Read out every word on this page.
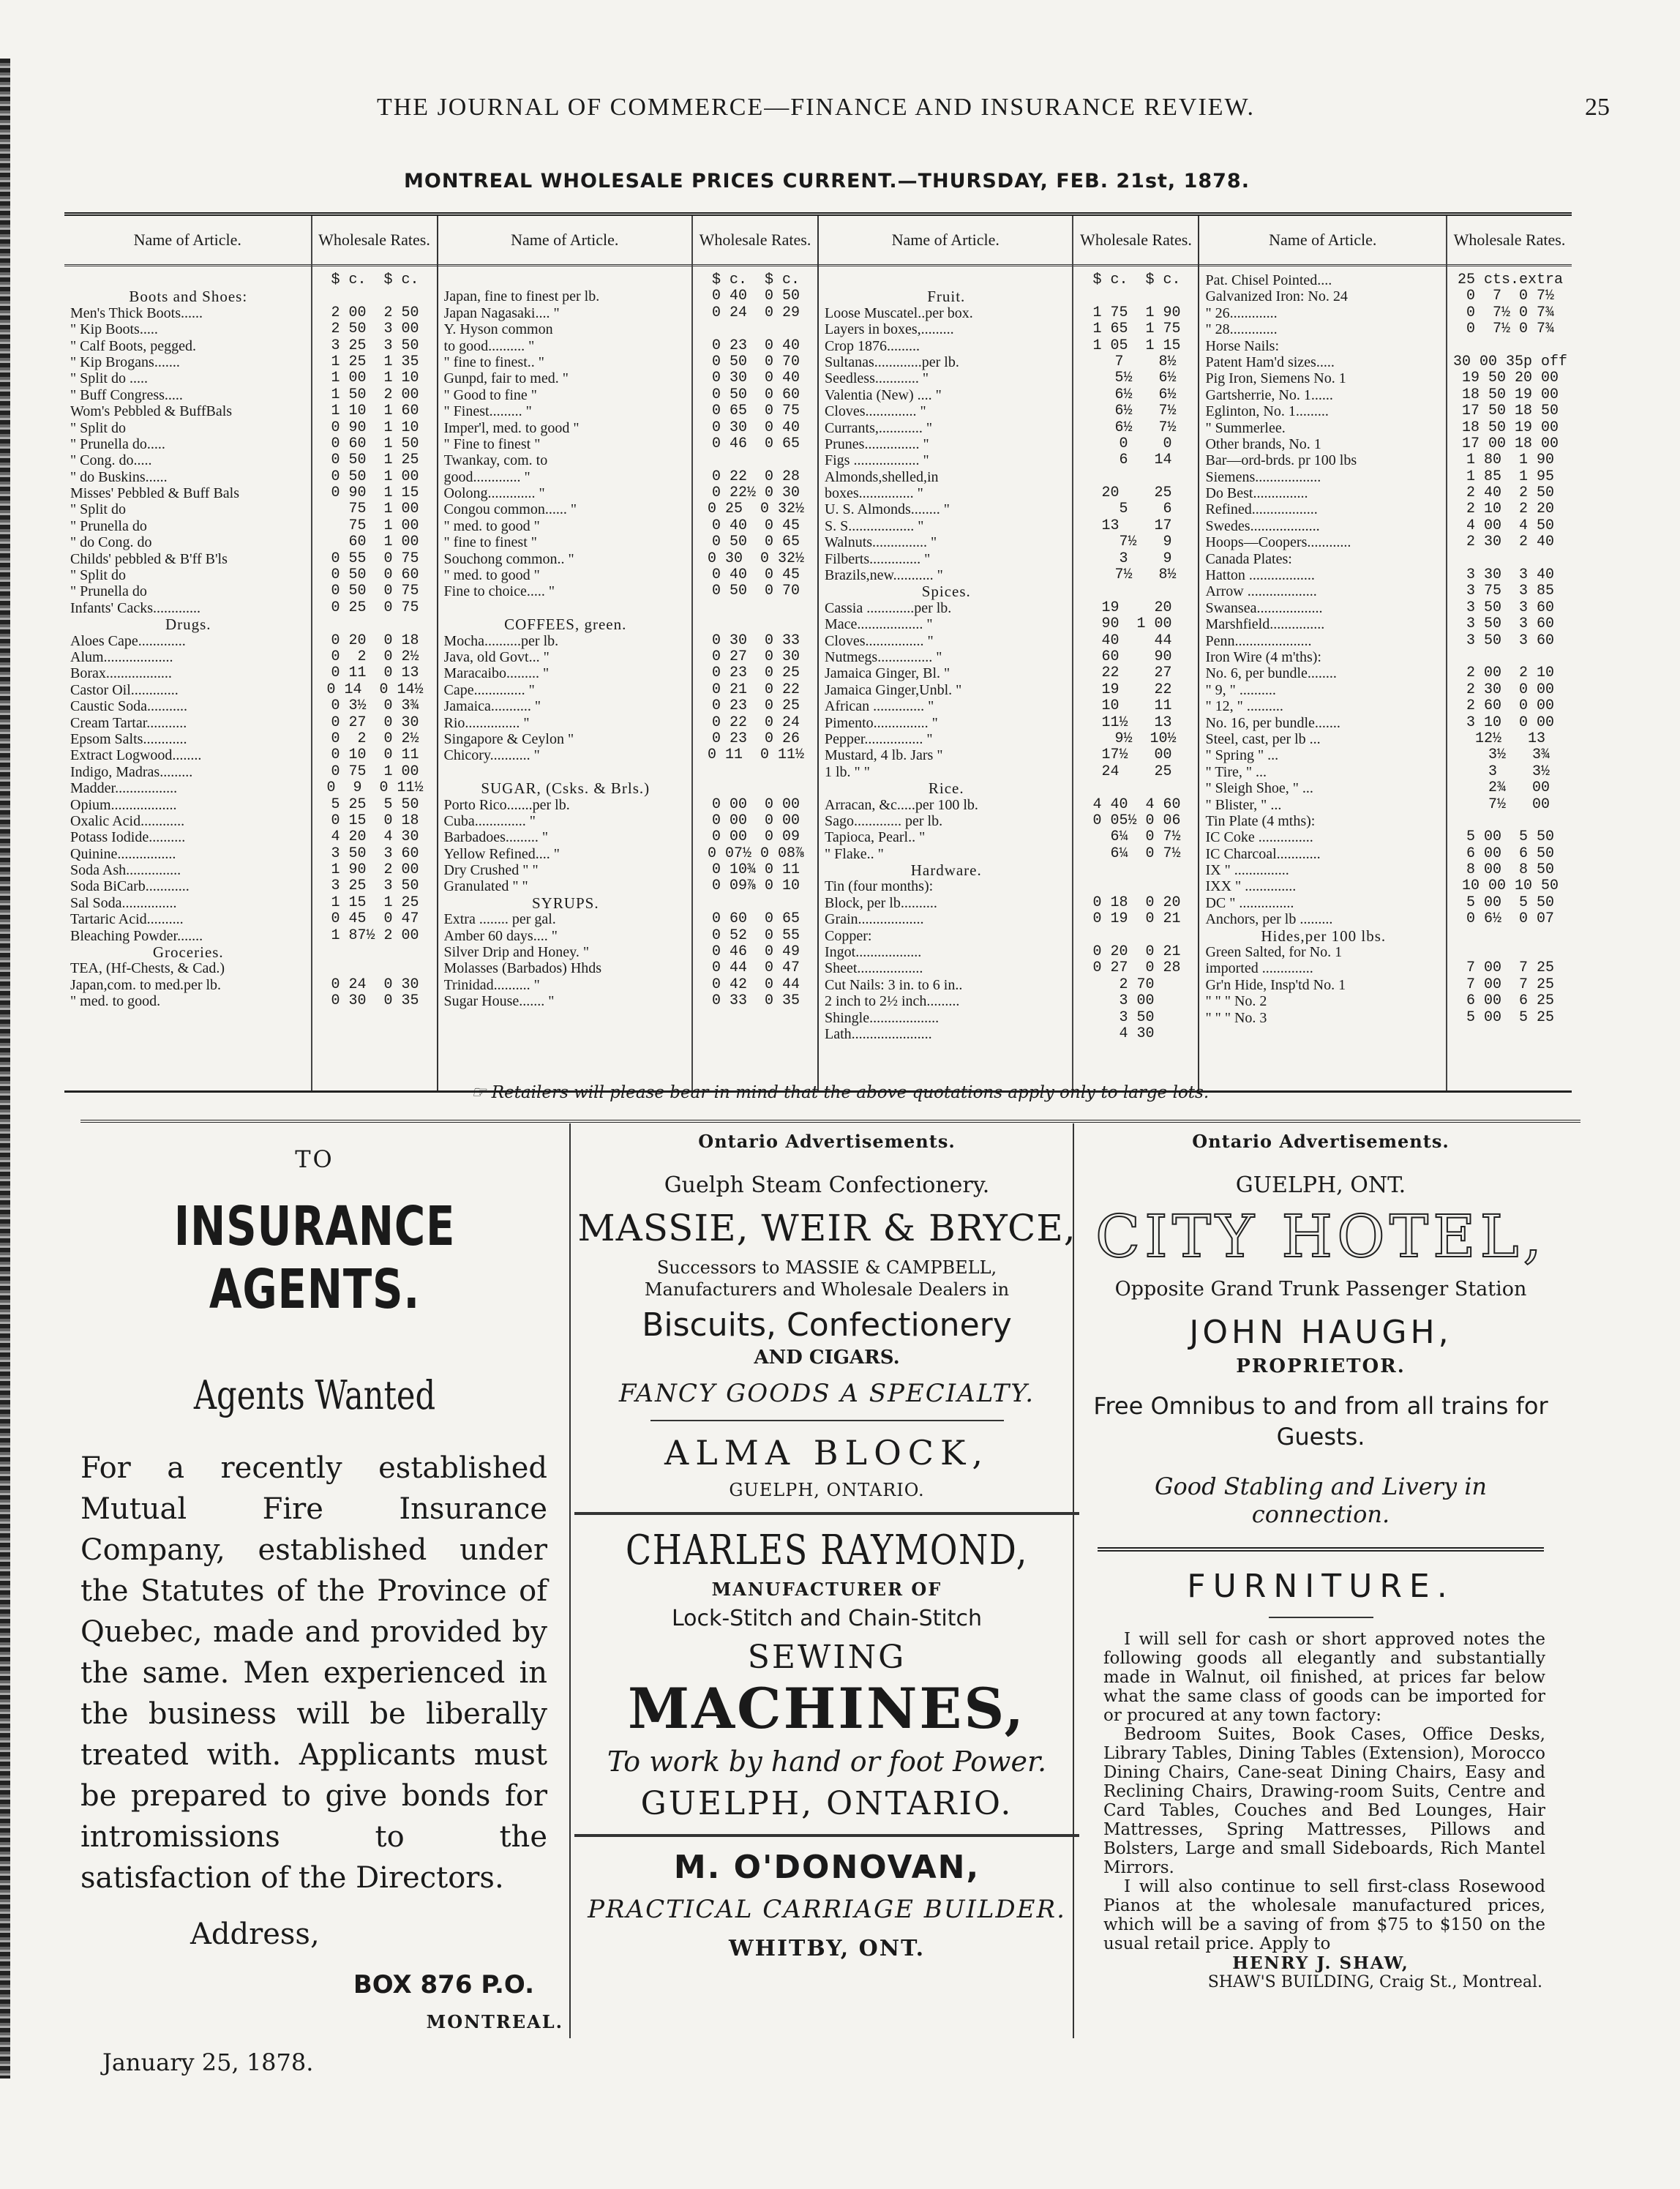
THE JOURNAL OF COMMERCE—FINANCE AND INSURANCE REVIEW.	25
MONTREAL WHOLESALE PRICES CURRENT.—THURSDAY, FEB. 21st, 1878.
Name of Article.
Boots and Shoes:
Men's Thick Boots......
" Kip Boots.....
" Calf Boots, pegged.
" Kip Brogans.......
" Split do .....
" Buff Congress.....
Wom's Pebbled & BuffBals
" Split do
" Prunella do.....
" Cong. do.....
" do Buskins......
Misses' Pebbled & Buff Bals
" Split do
" Prunella do
" do Cong. do
Childs' pebbled & B'ff B'ls
" Split do
" Prunella do
Infants' Cacks.............
Drugs.
Aloes Cape.............
Alum...................
Borax..................
Castor Oil.............
Caustic Soda...........
Cream Tartar...........
Epsom Salts............
Extract Logwood........
Indigo, Madras.........
Madder.................
Opium..................
Oxalic Acid............
Potass Iodide..........
Quinine................
Soda Ash...............
Soda BiCarb............
Sal Soda...............
Tartaric Acid..........
Bleaching Powder.......
Groceries.
TEA, (Hf-Chests, & Cad.)
Japan,com. to med.per lb.
" med. to good.
Wholesale Rates.
$ c.  $ c.
2 00  2 50
2 50  3 00
3 25  3 50
1 25  1 35
1 00  1 10
1 50  2 00
1 10  1 60
0 90  1 10
0 60  1 50
0 50  1 25
0 50  1 00
0 90  1 15
75  1 00
75  1 00
60  1 00
0 55  0 75
0 50  0 60
0 50  0 75
0 25  0 75
0 20  0 18
0  2  0 2½
0 11  0 13
0 14  0 14½
0 3½  0 3¾
0 27  0 30
0  2  0 2½
0 10  0 11
0 75  1 00
0  9  0 11½
5 25  5 50
0 15  0 18
4 20  4 30
3 50  3 60
1 90  2 00
3 25  3 50
1 15  1 25
0 45  0 47
1 87½ 2 00
0 24  0 30
0 30  0 35
Name of Article.
Japan, fine to finest per lb.
Japan Nagasaki.... "
Y. Hyson common
to good.......... "
" fine to finest.. "
Gunpd, fair to med. "
" Good to fine "
" Finest......... "
Imper'l, med. to good "
" Fine to finest "
Twankay, com. to
good............. "
Oolong............. "
Congou common...... "
" med. to good "
" fine to finest "
Souchong common.. "
" med. to good "
Fine to choice..... "
COFFEES, green.
Mocha..........per lb.
Java, old Govt... "
Maracaibo......... "
Cape.............. "
Jamaica........... "
Rio............... "
Singapore & Ceylon "
Chicory........... "
SUGAR, (Csks. & Brls.)
Porto Rico.......per lb.
Cuba.............. "
Barbadoes......... "
Yellow Refined.... "
Dry Crushed " "
Granulated " "
SYRUPS.
Extra ........ per gal.
Amber 60 days.... "
Silver Drip and Honey. "
Molasses (Barbados) Hhds
Trinidad.......... "
Sugar House....... "
Wholesale Rates.
$ c.  $ c.
0 40  0 50
0 24  0 29
0 23  0 40
0 50  0 70
0 30  0 40
0 50  0 60
0 65  0 75
0 30  0 40
0 46  0 65
0 22  0 28
0 22½ 0 30
0 25  0 32½
0 40  0 45
0 50  0 65
0 30  0 32½
0 40  0 45
0 50  0 70
0 30  0 33
0 27  0 30
0 23  0 25
0 21  0 22
0 23  0 25
0 22  0 24
0 23  0 26
0 11  0 11½
0 00  0 00
0 00  0 00
0 00  0 09
0 07½ 0 08⅞
0 10¾ 0 11
0 09⅞ 0 10
0 60  0 65
0 52  0 55
0 46  0 49
0 44  0 47
0 42  0 44
0 33  0 35
Name of Article.
Fruit.
Loose Muscatel..per box.
Layers in boxes,.........
Crop 1876.........
Sultanas.............per lb.
Seedless............ "
Valentia (New) .... "
Cloves.............. "
Currants,............ "
Prunes............... "
Figs .................. "
Almonds,shelled,in
boxes............... "
U. S. Almonds........ "
S. S.................. "
Walnuts............... "
Filberts.............. "
Brazils,new........... "
Spices.
Cassia .............per lb.
Mace.................. "
Cloves................ "
Nutmegs............... "
Jamaica Ginger, Bl. "
Jamaica Ginger,Unbl. "
African .............. "
Pimento............... "
Pepper................ "
Mustard, 4 lb. Jars "
1 lb. " "
Rice.
Arracan, &c.....per 100 lb.
Sago............. per lb.
Tapioca, Pearl.. "
" Flake.. "
Hardware.
Tin (four months):
Block, per lb..........
Grain..................
Copper:
Ingot..................
Sheet..................
Cut Nails: 3 in. to 6 in..
2 inch to 2½ inch.........
Shingle...................
Lath......................
Wholesale Rates.
$ c.  $ c.
1 75  1 90
1 65  1 75
1 05  1 15
7    8½
5½   6½
6½   6½
6½   7½
6½   7½
0    0
6   14
20    25
5    6
13    17
7½   9
3    9
7½   8½
19    20
90  1 00
40    44
60    90
22    27
19    22
10    11
11½   13
9½  10½
17½   00
24    25
4 40  4 60
0 05½ 0 06
6¼  0 7½
6¼  0 7½
0 18  0 20
0 19  0 21
0 20  0 21
0 27  0 28
2 70
3 00
3 50
4 30
Name of Article.
Pat. Chisel Pointed....
Galvanized Iron: No. 24
" 26.............
" 28.............
Horse Nails:
Patent Ham'd sizes.....
Pig Iron, Siemens No. 1
Gartsherrie, No. 1......
Eglinton, No. 1.........
" Summerlee.
Other brands, No. 1
Bar—ord-brds. pr 100 lbs
Siemens..................
Do Best...............
Refined..................
Swedes...................
Hoops—Coopers............
Canada Plates:
Hatton ..................
Arrow ...................
Swansea..................
Marshfield...............
Penn.....................
Iron Wire (4 m'ths):
No. 6, per bundle........
" 9, " ..........
" 12, " ..........
No. 16, per bundle.......
Steel, cast, per lb ...
" Spring " ...
" Tire, " ...
" Sleigh Shoe, " ...
" Blister, " ...
Tin Plate (4 mths):
IC Coke ...............
IC Charcoal............
IX " ...............
IXX " ..............
DC " ...............
Anchors, per lb .........
Hides,per 100 lbs.
Green Salted, for No. 1
imported ..............
Gr'n Hide, Insp'td No. 1
" " " No. 2
" " " No. 3
Wholesale Rates.
25 cts.extra
0  7  0 7½
0  7½ 0 7¾
0  7½ 0 7¾
30 00 35p off
19 50 20 00
18 50 19 00
17 50 18 50
18 50 19 00
17 00 18 00
1 80  1 90
1 85  1 95
2 40  2 50
2 10  2 20
4 00  4 50
2 30  2 40
3 30  3 40
3 75  3 85
3 50  3 60
3 50  3 60
3 50  3 60
2 00  2 10
2 30  0 00
2 60  0 00
3 10  0 00
12½   13
3½   3¾
3    3½
2¾   00
7½   00
5 00  5 50
6 00  6 50
8 00  8 50
10 00 10 50
5 00  5 50
0 6½  0 07
7 00  7 25
7 00  7 25
6 00  6 25
5 00  5 25
☞ Retailers will please bear in mind that the above quotations apply only to large lots.
TO
INSURANCE AGENTS.
Agents Wanted
For a recently established Mutual Fire Insurance Company, established under the Statutes of the Province of Quebec, made and provided by the same. Men experienced in the business will be liberally treated with. Applicants must be prepared to give bonds for intromissions to the satisfaction of the Directors.
Address,
BOX 876 P.O.
MONTREAL.
January 25, 1878.
Ontario Advertisements.
Guelph Steam Confectionery.
MASSIE, WEIR & BRYCE,
Successors to MASSIE & CAMPBELL,
Manufacturers and Wholesale Dealers in
Biscuits, Confectionery
AND CIGARS.
FANCY GOODS A SPECIALTY.
ALMA BLOCK,
GUELPH, ONTARIO.
CHARLES RAYMOND,
MANUFACTURER OF
Lock-Stitch and Chain-Stitch
SEWING
MACHINES,
To work by hand or foot Power.
GUELPH, ONTARIO.
M. O'DONOVAN,
PRACTICAL CARRIAGE BUILDER.
WHITBY, ONT.
Ontario Advertisements.
GUELPH, ONT.
CITY HOTEL,
Opposite Grand Trunk Passenger Station
JOHN HAUGH,
PROPRIETOR.
Free Omnibus to and from all trains for Guests.
Good Stabling and Livery in connection.
FURNITURE.
I will sell for cash or short approved notes the following goods all elegantly and substantially made in Walnut, oil finished, at prices far below what the same class of goods can be imported for or procured at any town factory:
Bedroom Suites, Book Cases, Office Desks, Library Tables, Dining Tables (Extension), Morocco Dining Chairs, Cane-seat Dining Chairs, Easy and Reclining Chairs, Drawing-room Suits, Centre and Card Tables, Couches and Bed Lounges, Hair Mattresses, Spring Mattresses, Pillows and Bolsters, Large and small Sideboards, Rich Mantel Mirrors.
I will also continue to sell first-class Rosewood Pianos at the wholesale manufactured prices, which will be a saving of from $75 to $150 on the usual retail price. Apply to
HENRY J. SHAW,
SHAW'S BUILDING, Craig St., Montreal.
